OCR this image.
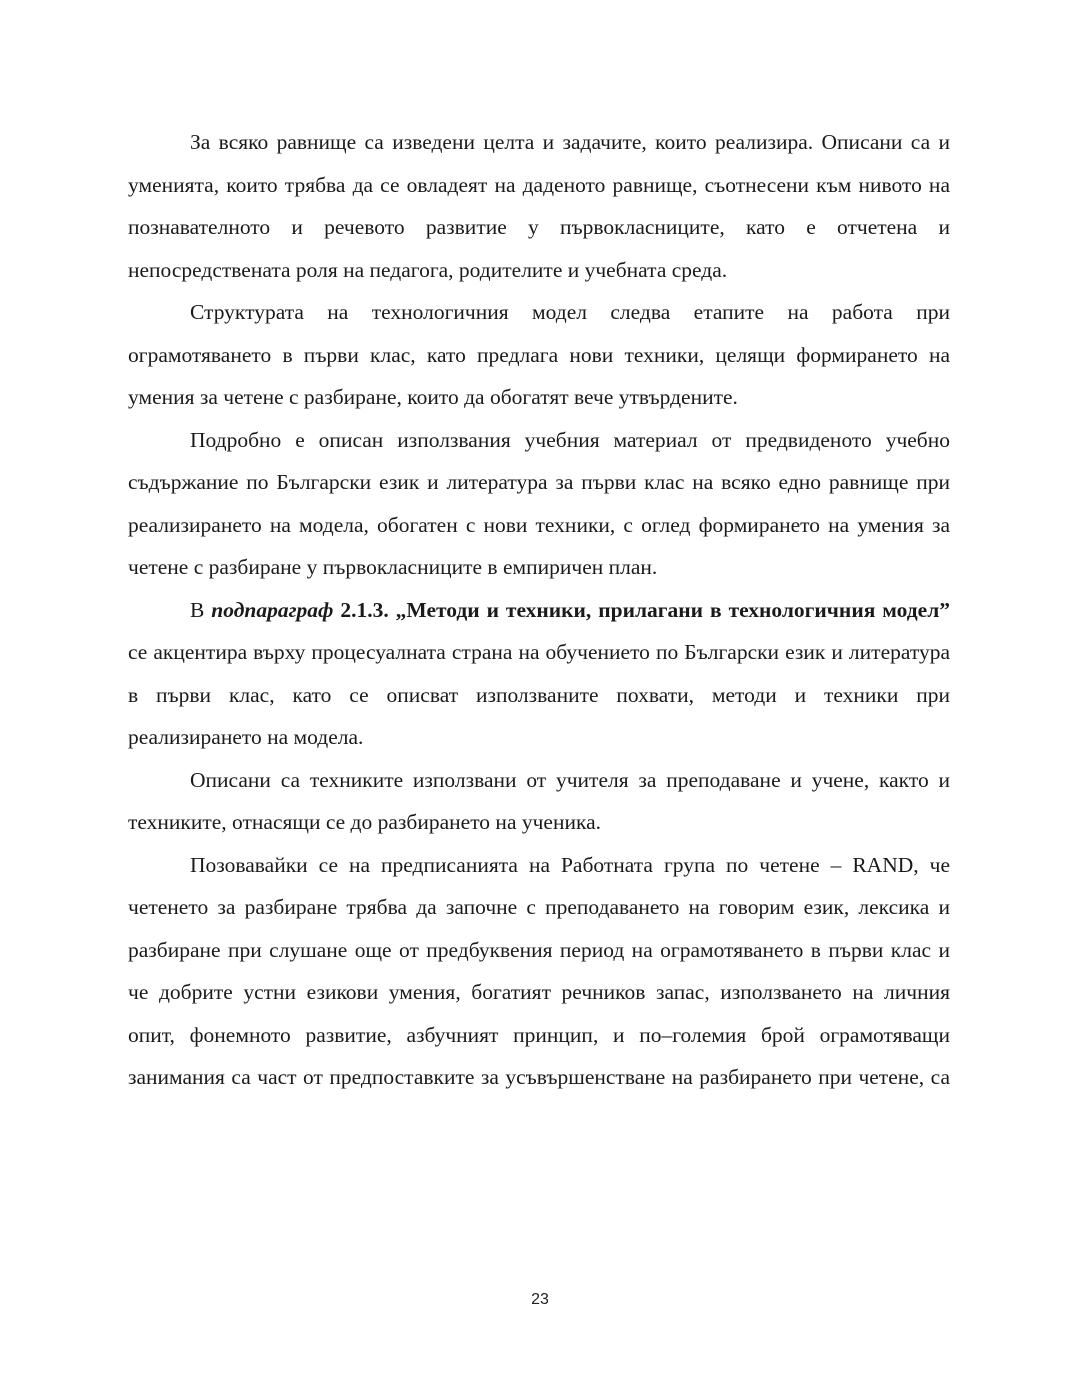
За всяко равнище са изведени целта и задачите, които реализира. Описани са и уменията, които трябва да се овладеят на даденото равнище, съотнесени към нивото на познавателното и речевото развитие у първокласниците, като е отчетена и непосредствената роля на педагога, родителите и учебната среда.

Структурата на технологичния модел следва етапите на работа при ограмотяването в първи клас, като предлага нови техники, целящи формирането на умения за четене с разбиране, които да обогатят вече утвърдените.

Подробно е описан използвания учебния материал от предвиденото учебно съдържание по Български език и литература за първи клас на всяко едно равнище при реализирането на модела, обогатен с нови техники, с оглед формирането на умения за четене с разбиране у първокласниците в емпиричен план.

В подпараграф 2.1.3. „Методи и техники, прилагани в технологичния модел” се акцентира върху процесуалната страна на обучението по Български език и литература в първи клас, като се описват използваните похвати, методи и техники при реализирането на модела.

Описани са техниките използвани от учителя за преподаване и учене, както и техниките, отнасящи се до разбирането на ученика.

Позовавайки се на предписанията на Работната група по четене – RAND, че четенето за разбиране трябва да започне с преподаването на говорим език, лексика и разбиране при слушане още от предбуквения период на ограмотяването в първи клас и че добрите устни езикови умения, богатият речников запас, използването на личния опит, фонемното развитие, азбучният принцип, и по–големия брой ограмотяващи занимания са част от предпоставките за усъвършенстване на разбирането при четене, са

23
